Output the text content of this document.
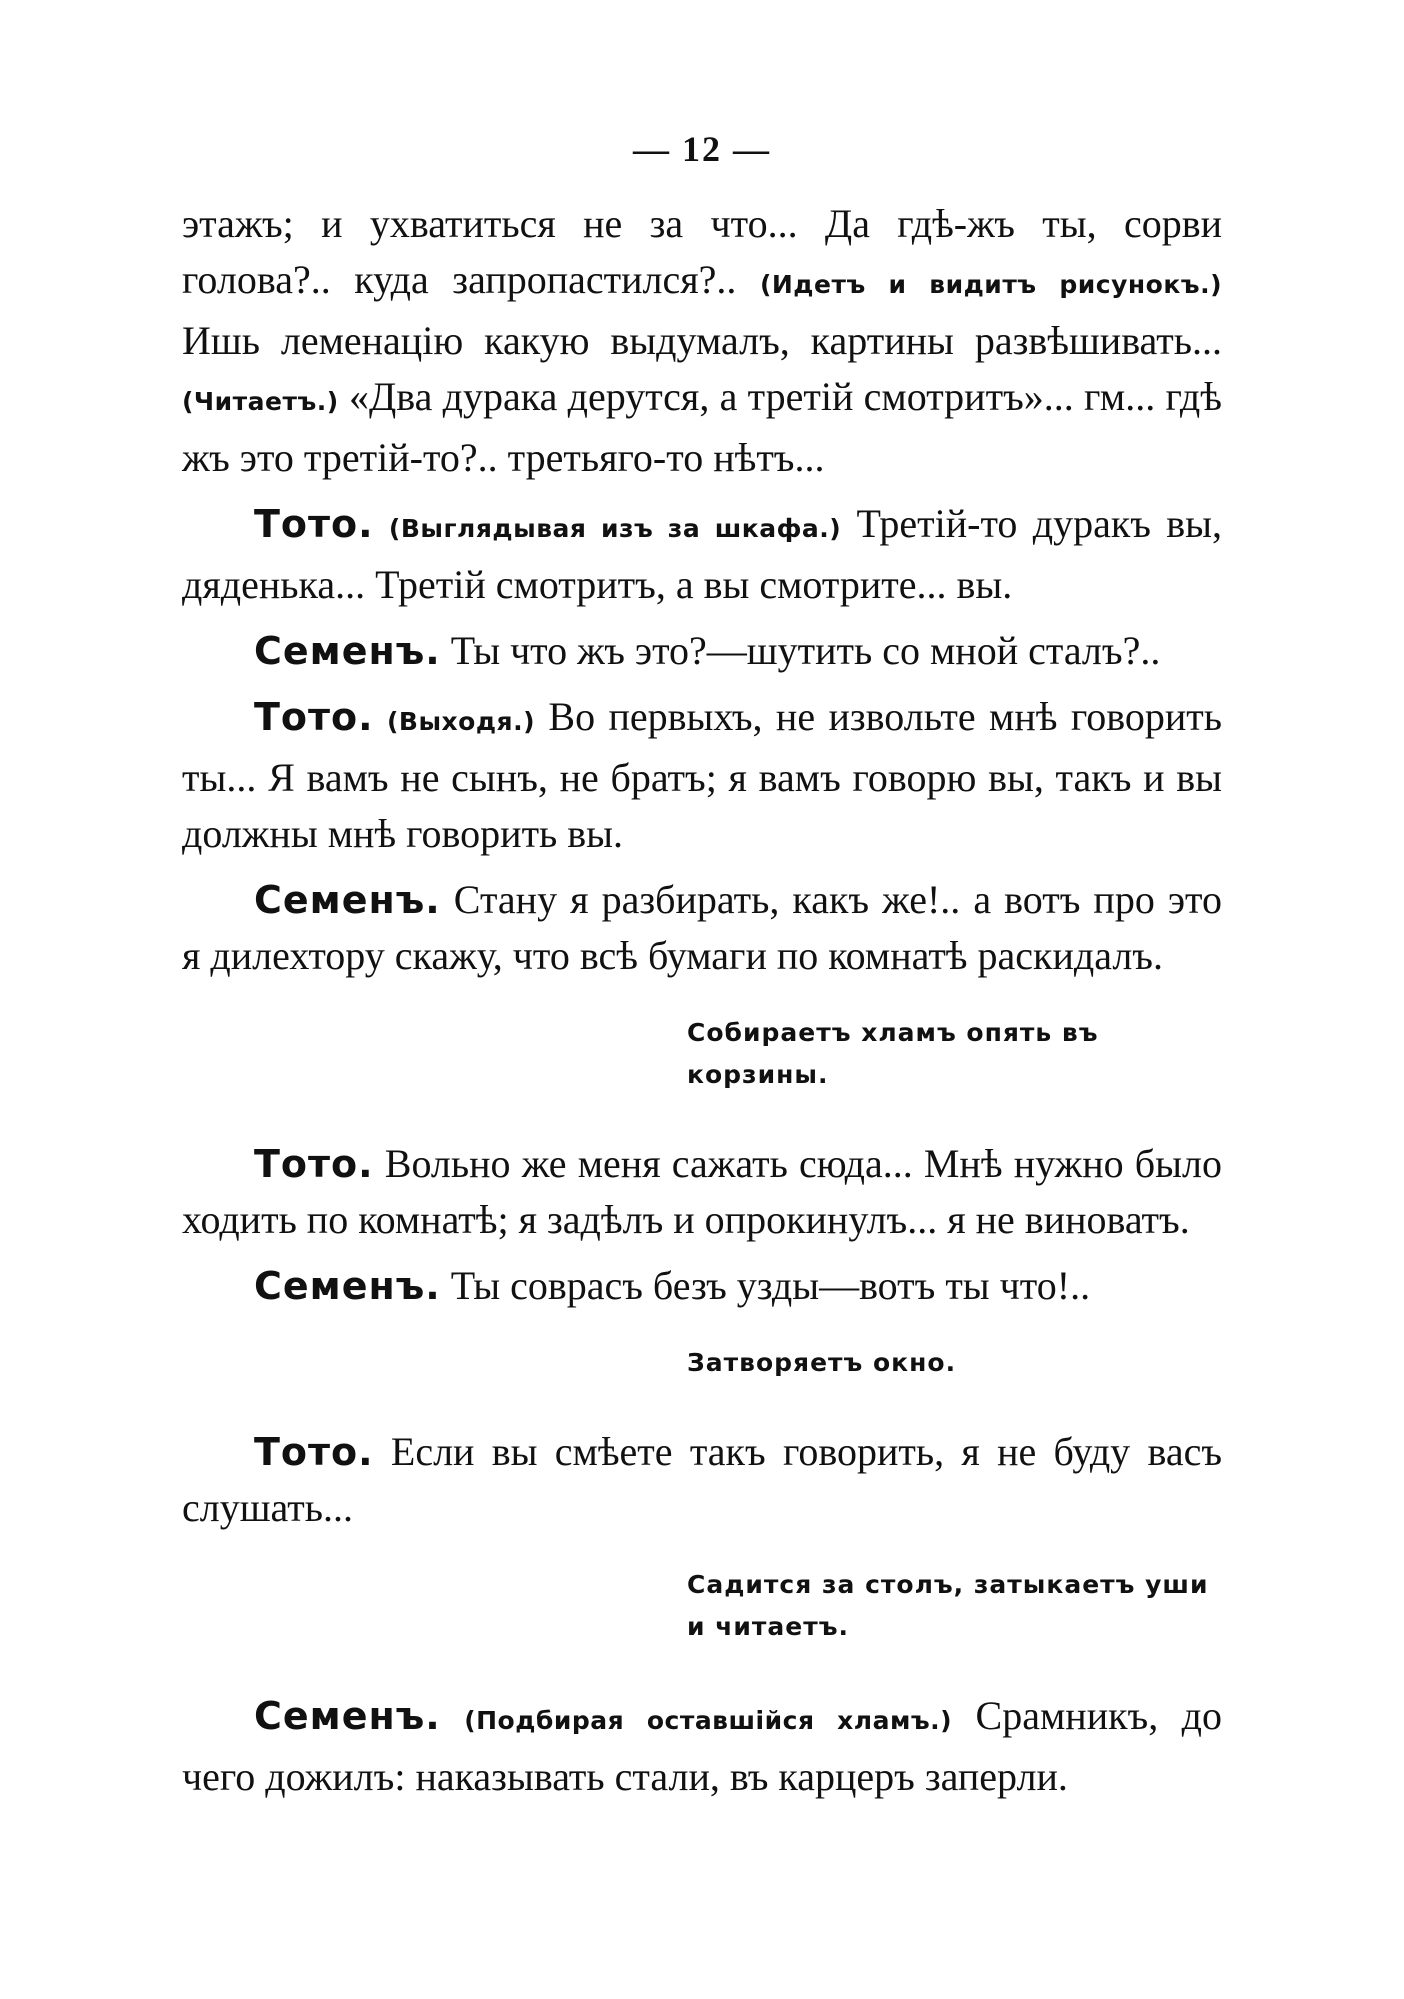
— 12 —

этажъ; и ухватиться не за что... Да гдѣ-жъ ты, сорви голова?.. куда запропастился?.. (Идетъ и видитъ рисунокъ.) Ишь леменацію какую выдумалъ, картины развѣшивать... (Читаетъ.) «Два дурака дерутся, а третій смотритъ»... гм... гдѣ жъ это третій-то?.. третьяго-то нѣтъ...

Тото. (Выглядывая изъ за шкафа.) Третій-то дуракъ вы, дяденька... Третій смотритъ, а вы смотрите... вы.

Семенъ. Ты что жъ это?—шутить со мной сталъ?..

Тото. (Выходя.) Во первыхъ, не извольте мнѣ говорить ты... Я вамъ не сынъ, не братъ; я вамъ говорю вы, такъ и вы должны мнѣ говорить вы.

Семенъ. Стану я разбирать, какъ же!.. а вотъ про это я дилехтору скажу, что всѣ бумаги по комнатѣ раскидалъ.

Собираетъ хламъ опять въ корзины.

Тото. Вольно же меня сажать сюда... Мнѣ нужно было ходить по комнатѣ; я задѣлъ и опрокинулъ... я не виноватъ.

Семенъ. Ты соврасъ безъ узды—вотъ ты что!..

Затворяетъ окно.

Тото. Если вы смѣете такъ говорить, я не буду васъ слушать...

Садится за столъ, затыкаетъ уши и читаетъ.

Семенъ. (Подбирая оставшійся хламъ.) Срамникъ, до чего дожилъ: наказывать стали, въ карцеръ заперли.
